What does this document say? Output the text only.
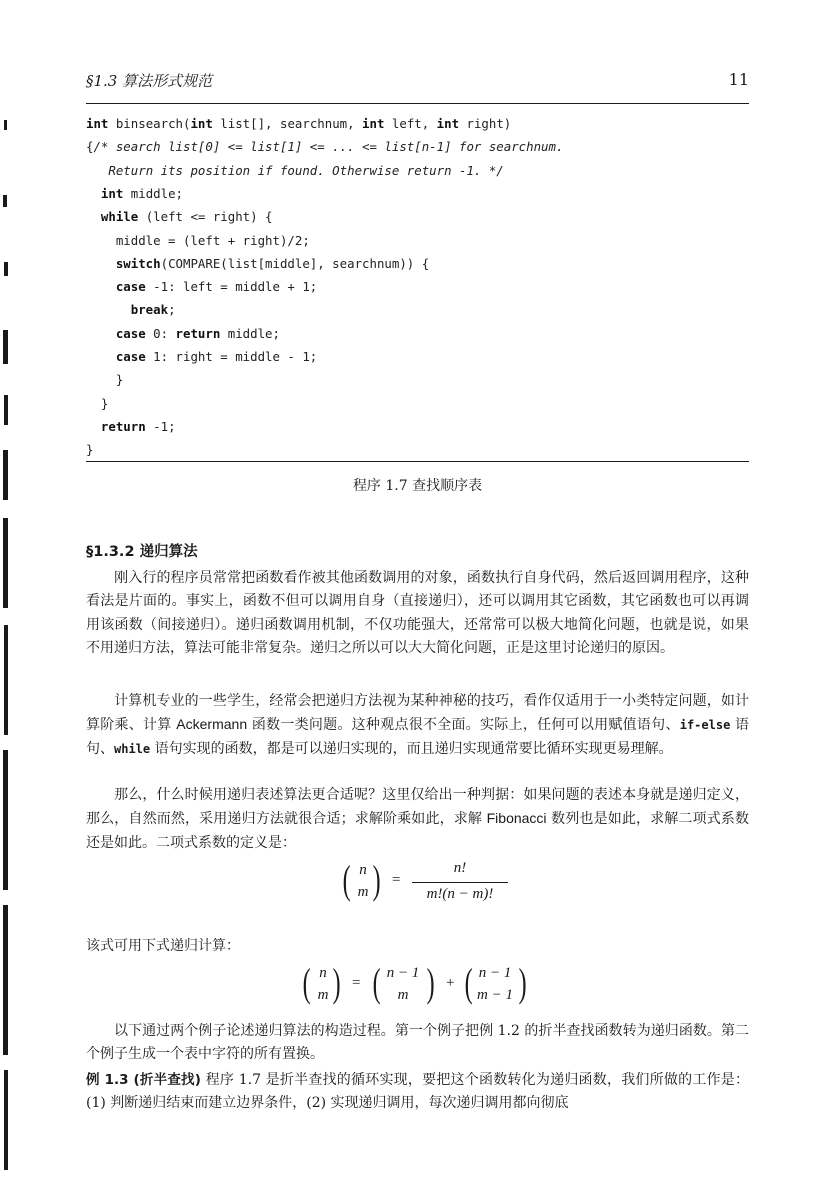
§1.3 算法形式规范	11
int binsearch(int list[], searchnum, int left, int right)
{/* search list[0] <= list[1] <= ... <= list[n-1] for searchnum.
Return its position if found. Otherwise return -1. */
int middle;
while (left <= right) {
middle = (left + right)/2;
switch(COMPARE(list[middle], searchnum)) {
case -1: left = middle + 1;
break;
case 0: return middle;
case 1: right = middle - 1;
}
}
return -1;
}
程序 1.7 查找顺序表
§1.3.2 递归算法

刚入行的程序员常常把函数看作被其他函数调用的对象，函数执行自身代码，然后返回调用程序，这种看法是片面的。事实上，函数不但可以调用自身（直接递归），还可以调用其它函数，其它函数也可以再调用该函数（间接递归）。递归函数调用机制，不仅功能强大，还常常可以极大地简化问题，也就是说，如果不用递归方法，算法可能非常复杂。递归之所以可以大大简化问题，正是这里讨论递归的原因。

计算机专业的一些学生，经常会把递归方法视为某种神秘的技巧，看作仅适用于一小类特定问题，如计算阶乘、计算 Ackermann 函数一类问题。这种观点很不全面。实际上，任何可以用赋值语句、if-else 语句、while 语句实现的函数，都是可以递归实现的，而且递归实现通常要比循环实现更易理解。

那么，什么时候用递归表述算法更合适呢？这里仅给出一种判据：如果问题的表述本身就是递归定义，那么，自然而然，采用递归方法就很合适；求解阶乘如此，求解 Fibonacci 数列也是如此，求解二项式系数还是如此。二项式系数的定义是：

( n
m ) =
n!
m!(n − m)!
该式可用下式递归计算：
( n
m ) = ( n − 1
m ) + ( n − 1
m − 1 )

以下通过两个例子论述递归算法的构造过程。第一个例子把例 1.2 的折半查找函数转为递归函数。第二个例子生成一个表中字符的所有置换。

例 1.3 (折半查找) 程序 1.7 是折半查找的循环实现，要把这个函数转化为递归函数，我们所做的工作是：(1) 判断递归结束而建立边界条件，(2) 实现递归调用，每次递归调用都向彻底
